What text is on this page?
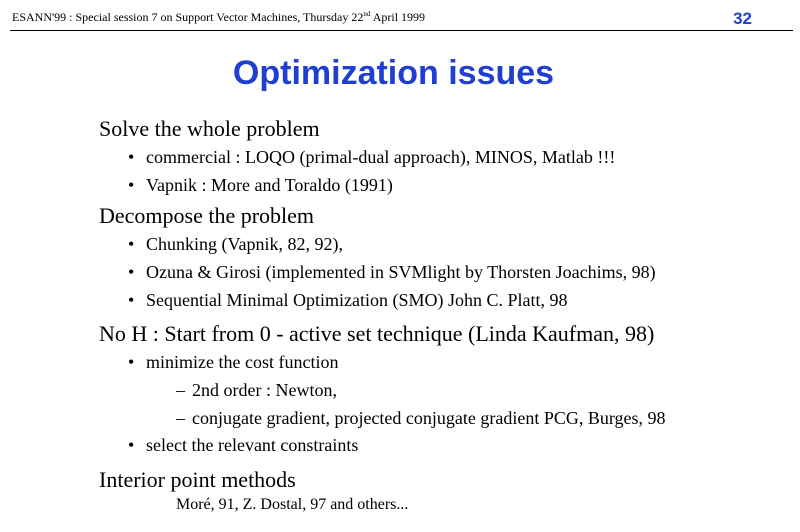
ESANN'99 : Special session 7 on Support Vector Machines, Thursday 22nd April 1999	32
Optimization issues
Solve the whole problem
• commercial : LOQO (primal-dual approach), MINOS, Matlab !!!
• Vapnik : More and Toraldo (1991)
Decompose the problem
• Chunking (Vapnik, 82, 92),
• Ozuna & Girosi (implemented in SVMlight by Thorsten Joachims, 98)
• Sequential Minimal Optimization (SMO) John C. Platt, 98
No H : Start from 0 - active set technique (Linda Kaufman, 98)
• minimize the cost function
– 2nd order : Newton,
– conjugate gradient, projected conjugate gradient PCG, Burges, 98
• select the relevant constraints
Interior point methods
Moré, 91, Z. Dostal, 97 and others...
